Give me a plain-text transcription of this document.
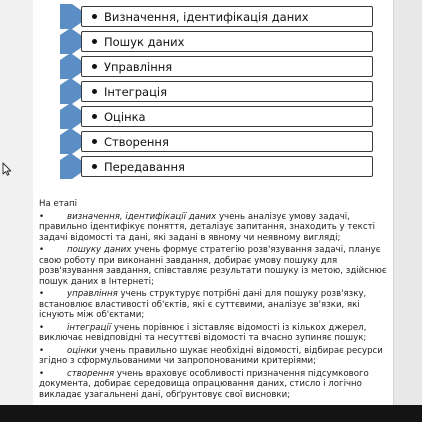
Визначення, ідентифікація даних
Пошук даних
Управління
Інтеграція
Оцінка
Створення
Передавання
На етапі
•	визначення, ідентифікації даних учень аналізує умову задачі, правильно ідентифікує поняття, деталізує запитання, знаходить у тексті задачі відомості та дані, які задані в явному чи неявному вигляді;
•	пошуку даних учень формує стратегію розв'язування задачі, планує свою роботу при виконанні завдання, добирає умову пошуку для розв'язування завдання, співставляє результати пошуку із метою, здійснює пошук даних в Інтернеті;
•	управління учень структурує потрібні дані для пошуку розв'язку, встановлює властивості об'єктів, які є суттєвими, аналізує зв'язки, які існують між об'єктами;
•	інтеграції учень порівнює і зіставляє відомості із кількох джерел, виключає невідповідні та несуттєві відомості та вчасно зупиняє пошук;
•	оцінки учень правильно шукає необхідні відомості, відбирає ресурси згідно з сформульованими чи запропонованими критеріями;
•	створення учень враховує особливості призначення підсумкового документа, добирає середовища опрацювання даних, стисло і логічно викладає узагальнені дані, обґрунтовує свої висновки;
